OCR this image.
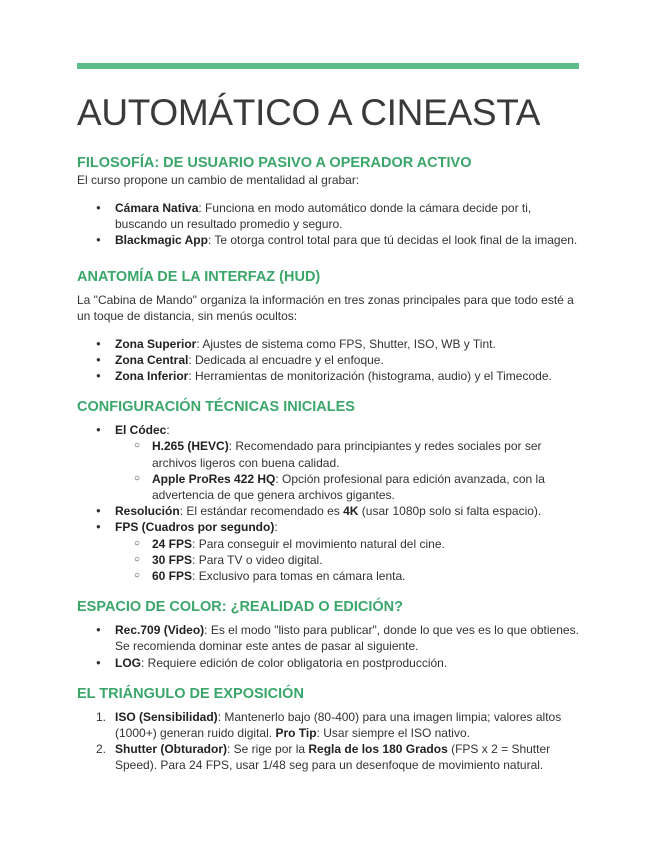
AUTOMÁTICO A CINEASTA
FILOSOFÍA: DE USUARIO PASIVO A OPERADOR ACTIVO

El curso propone un cambio de mentalidad al grabar:

● Cámara Nativa: Funciona en modo automático donde la cámara decide por ti, buscando un resultado promedio y seguro.
● Blackmagic App: Te otorga control total para que tú decidas el look final de la imagen.
ANATOMÍA DE LA INTERFAZ (HUD)

La "Cabina de Mando" organiza la información en tres zonas principales para que todo esté a un toque de distancia, sin menús ocultos:

● Zona Superior: Ajustes de sistema como FPS, Shutter, ISO, WB y Tint.
● Zona Central: Dedicada al encuadre y el enfoque.
● Zona Inferior: Herramientas de monitorización (histograma, audio) y el Timecode.
CONFIGURACIÓN TÉCNICAS INICIALES
● El Códec:
○ H.265 (HEVC): Recomendado para principiantes y redes sociales por ser archivos ligeros con buena calidad.
○ Apple ProRes 422 HQ: Opción profesional para edición avanzada, con la advertencia de que genera archivos gigantes.
● Resolución: El estándar recomendado es 4K (usar 1080p solo si falta espacio).
● FPS (Cuadros por segundo):
○ 24 FPS: Para conseguir el movimiento natural del cine.
○ 30 FPS: Para TV o video digital.
○ 60 FPS: Exclusivo para tomas en cámara lenta.
ESPACIO DE COLOR: ¿REALIDAD O EDICIÓN?
● Rec.709 (Video): Es el modo "listo para publicar", donde lo que ves es lo que obtienes. Se recomienda dominar este antes de pasar al siguiente.
● LOG: Requiere edición de color obligatoria en postproducción.
EL TRIÁNGULO DE EXPOSICIÓN
1. ISO (Sensibilidad): Mantenerlo bajo (80-400) para una imagen limpia; valores altos (1000+) generan ruido digital. Pro Tip: Usar siempre el ISO nativo.
2. Shutter (Obturador): Se rige por la Regla de los 180 Grados (FPS x 2 = Shutter Speed). Para 24 FPS, usar 1/48 seg para un desenfoque de movimiento natural.
